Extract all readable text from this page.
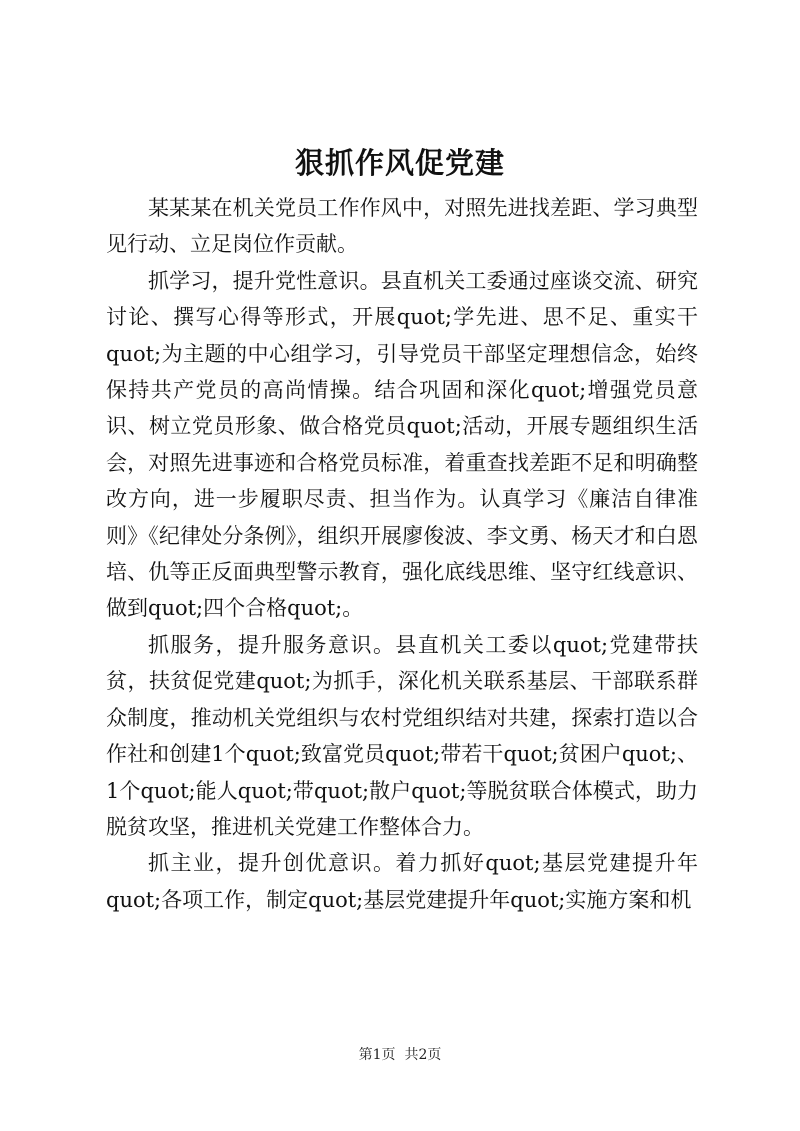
狠抓作风促党建

某某某在机关党员工作作风中，对照先进找差距、学习典型见行动、立足岗位作贡献。

抓学习，提升党性意识。县直机关工委通过座谈交流、研究讨论、撰写心得等形式，开展quot;学先进、思不足、重实干quot;为主题的中心组学习，引导党员干部坚定理想信念，始终保持共产党员的高尚情操。结合巩固和深化quot;增强党员意识、树立党员形象、做合格党员quot;活动，开展专题组织生活会，对照先进事迹和合格党员标准，着重查找差距不足和明确整改方向，进一步履职尽责、担当作为。认真学习《廉洁自律准则》《纪律处分条例》，组织开展廖俊波、李文勇、杨天才和白恩培、仇等正反面典型警示教育，强化底线思维、坚守红线意识、做到quot;四个合格quot;。

抓服务，提升服务意识。县直机关工委以quot;党建带扶贫，扶贫促党建quot;为抓手，深化机关联系基层、干部联系群众制度，推动机关党组织与农村党组织结对共建，探索打造以合作社和创建1个quot;致富党员quot;带若干quot;贫困户quot;、1个quot;能人quot;带quot;散户quot;等脱贫联合体模式，助力脱贫攻坚，推进机关党建工作整体合力。

抓主业，提升创优意识。着力抓好quot;基层党建提升年quot;各项工作，制定quot;基层党建提升年quot;实施方案和机

第1页  共2页
